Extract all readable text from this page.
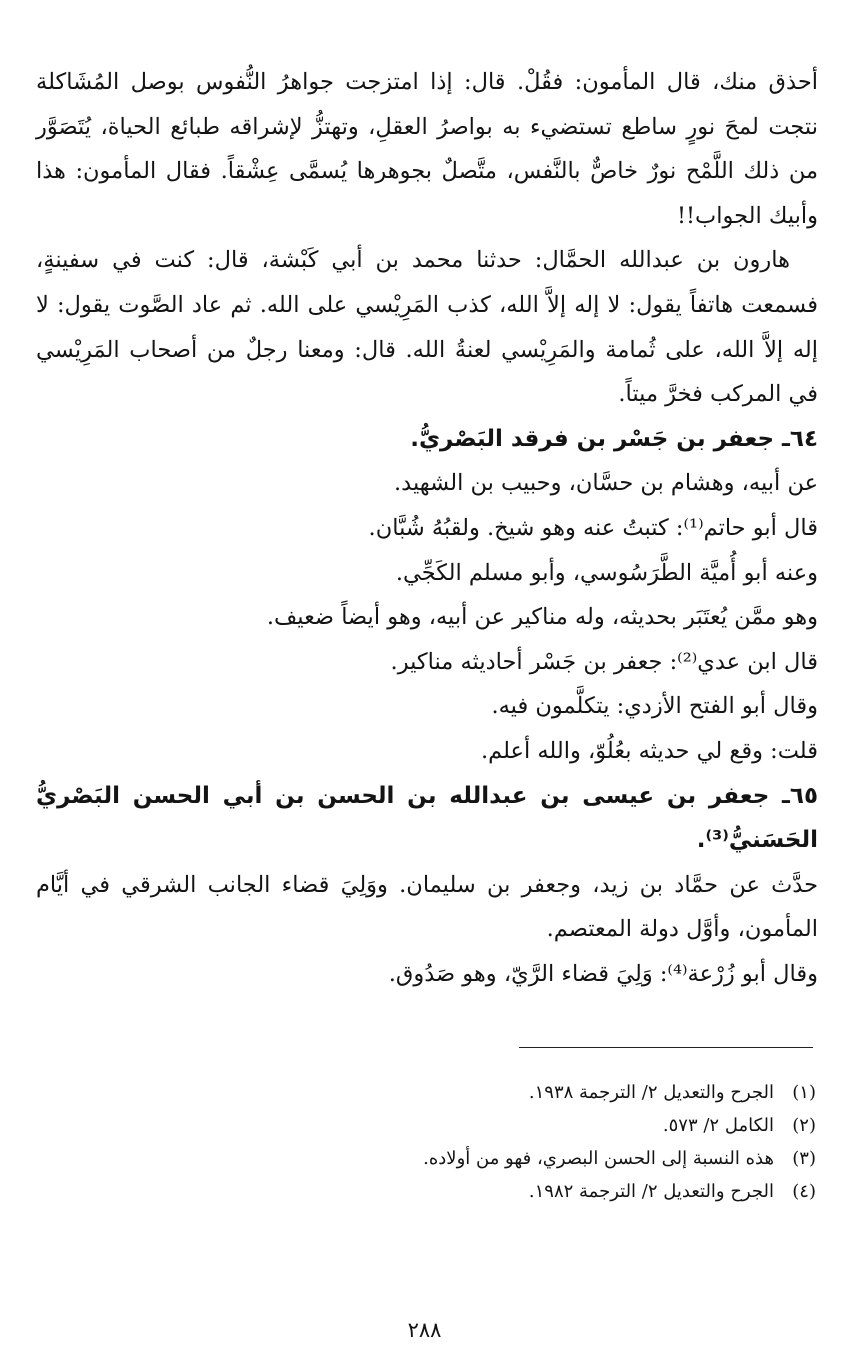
أحذق منك، قال المأمون: فقُلْ. قال: إذا امتزجت جواهرُ النُّفوس بوصل المُشَاكلة نتجت لمحَ نورٍ ساطع تستضيء به بواصرُ العقلِ، وتهتزُّ لإشراقه طبائع الحياة، يُتَصَوَّر من ذلك اللَّمْح نورٌ خاصٌّ بالنَّفس، متَّصلٌ بجوهرها يُسمَّى عِشْقاً. فقال المأمون: هذا وأبيك الجواب!!

هارون بن عبدالله الحمَّال: حدثنا محمد بن أبي كَبْشة، قال: كنت في سفينةٍ، فسمعت هاتفاً يقول: لا إله إلاَّ الله، كذب المَرِيْسي على الله. ثم عاد الصَّوت يقول: لا إله إلاَّ الله، على ثُمامة والمَرِيْسي لعنةُ الله. قال: ومعنا رجلٌ من أصحاب المَرِيْسي في المركب فخرَّ ميتاً.

٦٤ـ جعفر بن جَسْر بن فرقد البَصْريُّ.

عن أبيه، وهشام بن حسَّان، وحبيب بن الشهيد.

قال أبو حاتم⁽¹⁾: كتبتُ عنه وهو شيخ. ولقبُهُ شُبَّان.

وعنه أبو أُميَّة الطَّرَسُوسي، وأبو مسلم الكَجِّي.

وهو ممَّن يُعتَبَر بحديثه، وله مناكير عن أبيه، وهو أيضاً ضعيف.

قال ابن عدي⁽²⁾: جعفر بن جَسْر أحاديثه مناكير.

وقال أبو الفتح الأزدي: يتكلَّمون فيه.

قلت: وقع لي حديثه بعُلُوّ، والله أعلم.

٦٥ـ جعفر بن عيسى بن عبدالله بن الحسن بن أبي الحسن البَصْريُّ الحَسَنيُّ⁽³⁾.

حدَّث عن حمَّاد بن زيد، وجعفر بن سليمان. ووَلِيَ قضاء الجانب الشرقي في أيَّام المأمون، وأوَّل دولة المعتصم.

وقال أبو زُرْعة⁽⁴⁾: وَلِيَ قضاء الرَّيّ، وهو صَدُوق.

(١)
الجرح والتعديل ٢/ الترجمة ١٩٣٨.
(٢)
الكامل ٢/ ٥٧٣.
(٣)
هذه النسبة إلى الحسن البصري، فهو من أولاده.
(٤)
الجرح والتعديل ٢/ الترجمة ١٩٨٢.
٢٨٨
